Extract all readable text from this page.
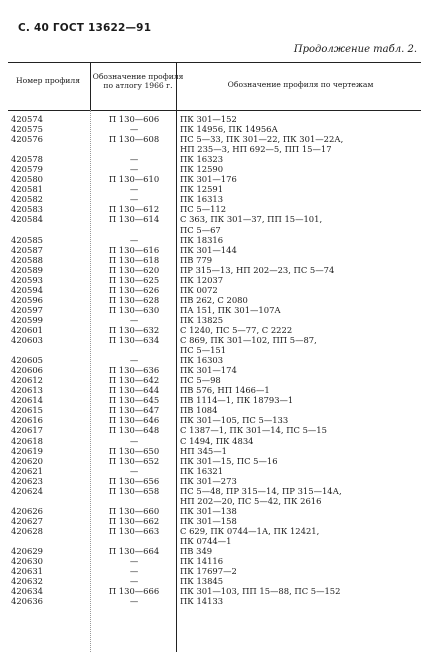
С. 40 ГОСТ 13622—91
Продолжение табл. 2.
Номер профиля	Обозначение профиля по атлогу 1966 г.	Обозначение профиля по чертежам
420574	П 130—606	ПК 301—152
420575	—	ПК 14956, ПК 14956А
420576	П 130—608	ПС 5—33, ПК 301—22, ПК 301—22А,
НП 235—3, НП 692—5, ПП 15—17
420578	—	ПК 16323
420579	—	ПК 12590
420580	П 130—610	ПК 301—176
420581	—	ПК 12591
420582	—	ПК 16313
420583	П 130—612	ПС 5—112
420584	П 130—614	С 363, ПК 301—37, ПП 15—101,
ПС 5—67
420585	—	ПК 18316
420587	П 130—616	ПК 301—144
420588	П 130—618	ПВ 779
420589	П 130—620	ПР 315—13, НП 202—23, ПС 5—74
420593	П 130—625	ПК 12037
420594	П 130—626	ПК 0072
420596	П 130—628	ПВ 262, С 2080
420597	П 130—630	ПА 151, ПК 301—107А
420599	—	ПК 13825
420601	П 130—632	С 1240, ПС 5—77, С 2222
420603	П 130—634	С 869, ПК 301—102, ПП 5—87,
ПС 5—151
420605	—	ПК 16303
420606	П 130—636	ПК 301—174
420612	П 130—642	ПС 5—98
420613	П 130—644	ПВ 576, НП 1466—1
420614	П 130—645	ПВ 1114—1, ПК 18793—1
420615	П 130—647	ПВ 1084
420616	П 130—646	ПК 301—105, ПС 5—133
420617	П 130—648	С 1387—1, ПК 301—14, ПС 5—15
420618	—	С 1494, ПК 4834
420619	П 130—650	НП 345—1
420620	П 130—652	ПК 301—15, ПС 5—16
420621	—	ПК 16321
420623	П 130—656	ПК 301—273
420624	П 130—658	ПС 5—48, ПР 315—14, ПР 315—14А,
НП 202—20, ПС 5—42, ПК 2616
420626	П 130—660	ПК 301—138
420627	П 130—662	ПК 301—158
420628	П 130—663	С 629, ПК 0744—1А, ПК 12421,
ПК 0744—1
420629	П 130—664	ПВ 349
420630	—	ПК 14116
420631	—	ПК 17697—2
420632	—	ПК 13845
420634	П 130—666	ПК 301—103, ПП 15—88, ПС 5—152
420636	—	ПК 14133
